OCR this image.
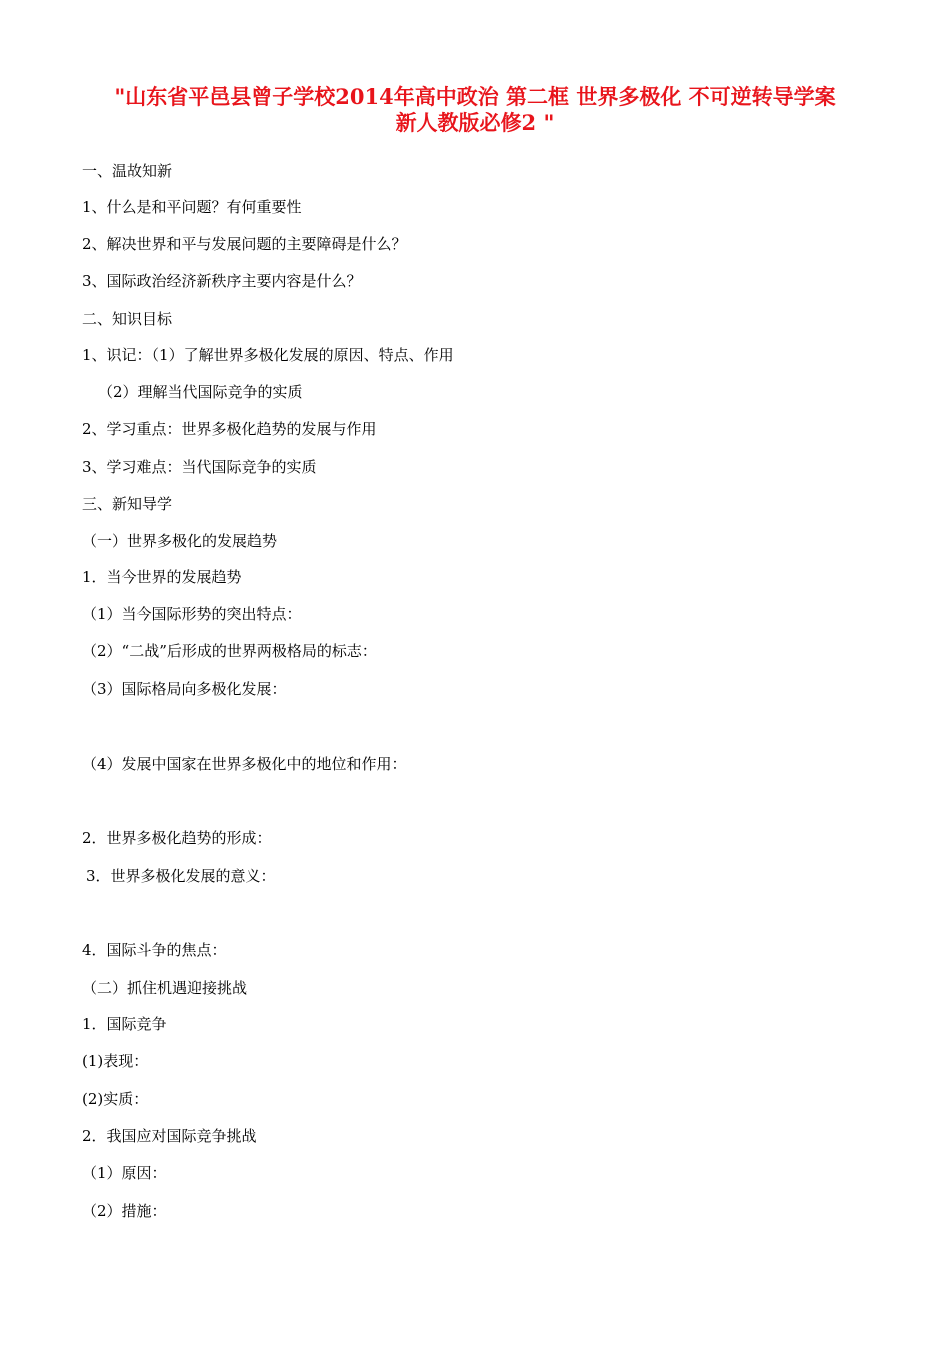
"山东省平邑县曾子学校2014年高中政治 第二框 世界多极化 不可逆转导学案
新人教版必修2 "
一、温故知新
1、什么是和平问题？有何重要性
2、解决世界和平与发展问题的主要障碍是什么？
3、国际政治经济新秩序主要内容是什么？
二、知识目标
1、识记：（1）了解世界多极化发展的原因、特点、作用
（2）理解当代国际竞争的实质
2、学习重点：世界多极化趋势的发展与作用
3、学习难点：当代国际竞争的实质
三、新知导学
（一）世界多极化的发展趋势
1．当今世界的发展趋势
（1）当今国际形势的突出特点：
（2）“二战”后形成的世界两极格局的标志：
（3）国际格局向多极化发展：
（4）发展中国家在世界多极化中的地位和作用：
2．世界多极化趋势的形成：
3．世界多极化发展的意义：
4．国际斗争的焦点：
（二）抓住机遇迎接挑战
1．国际竞争
(1)表现：
(2)实质：
2．我国应对国际竞争挑战
（1）原因：
（2）措施：
